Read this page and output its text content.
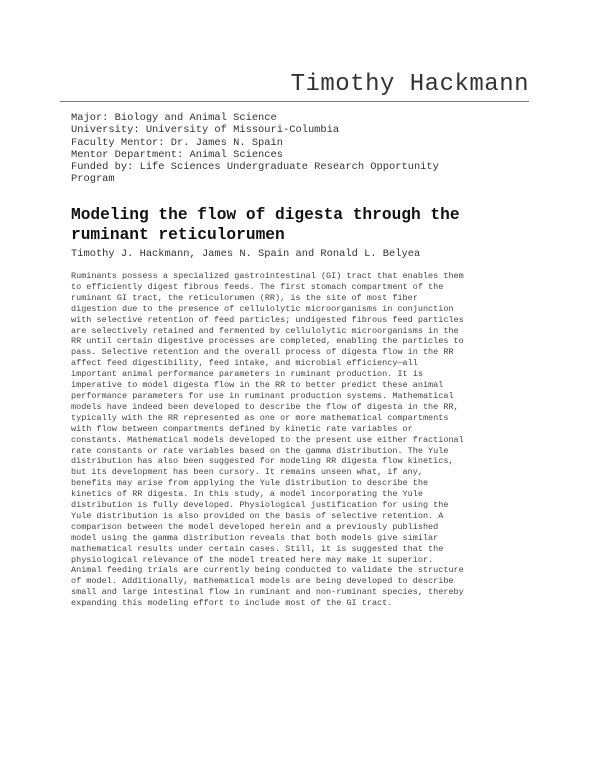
Timothy Hackmann
Major: Biology and Animal Science
University: University of Missouri-Columbia
Faculty Mentor: Dr. James N. Spain
Mentor Department: Animal Sciences
Funded by: Life Sciences Undergraduate Research Opportunity
Program
Modeling the flow of digesta through the
ruminant reticulorumen
Timothy J. Hackmann, James N. Spain and Ronald L. Belyea
Ruminants possess a specialized gastrointestinal (GI) tract that enables them
to efficiently digest fibrous feeds. The first stomach compartment of the
ruminant GI tract, the reticulorumen (RR), is the site of most fiber
digestion due to the presence of cellulolytic microorganisms in conjunction
with selective retention of feed particles; undigested fibrous feed particles
are selectively retained and fermented by cellulolytic microorganisms in the
RR until certain digestive processes are completed, enabling the particles to
pass. Selective retention and the overall process of digesta flow in the RR
affect feed digestibility, feed intake, and microbial efficiency—all
important animal performance parameters in ruminant production. It is
imperative to model digesta flow in the RR to better predict these animal
performance parameters for use in ruminant production systems. Mathematical
models have indeed been developed to describe the flow of digesta in the RR,
typically with the RR represented as one or more mathematical compartments
with flow between compartments defined by kinetic rate variables or
constants. Mathematical models developed to the present use either fractional
rate constants or rate variables based on the gamma distribution. The Yule
distribution has also been suggested for modeling RR digesta flow kinetics,
but its development has been cursory. It remains unseen what, if any,
benefits may arise from applying the Yule distribution to describe the
kinetics of RR digesta. In this study, a model incorporating the Yule
distribution is fully developed. Physiological justification for using the
Yule distribution is also provided on the basis of selective retention. A
comparison between the model developed herein and a previously published
model using the gamma distribution reveals that both models give similar
mathematical results under certain cases. Still, it is suggested that the
physiological relevance of the model treated here may make it superior.
Animal feeding trials are currently being conducted to validate the structure
of model. Additionally, mathematical models are being developed to describe
small and large intestinal flow in ruminant and non-ruminant species, thereby
expanding this modeling effort to include most of the GI tract.
